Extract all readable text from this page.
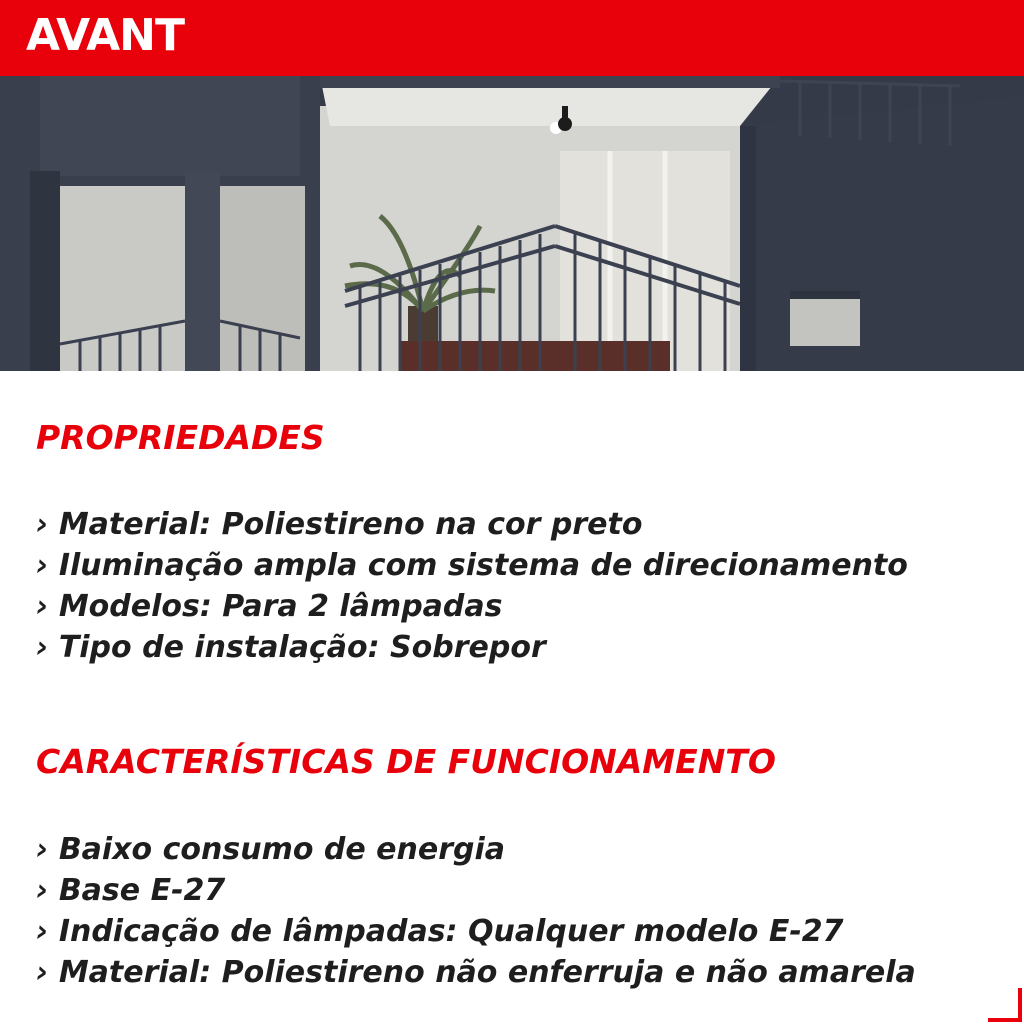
AVANT
PROPRIEDADES
› Material: Poliestireno na cor preto
› Iluminação ampla com sistema de direcionamento
› Modelos: Para 2 lâmpadas
› Tipo de instalação: Sobrepor
CARACTERÍSTICAS DE FUNCIONAMENTO
› Baixo consumo de energia
› Base E-27
› Indicação de lâmpadas: Qualquer modelo E-27
› Material: Poliestireno não enferruja e não amarela
